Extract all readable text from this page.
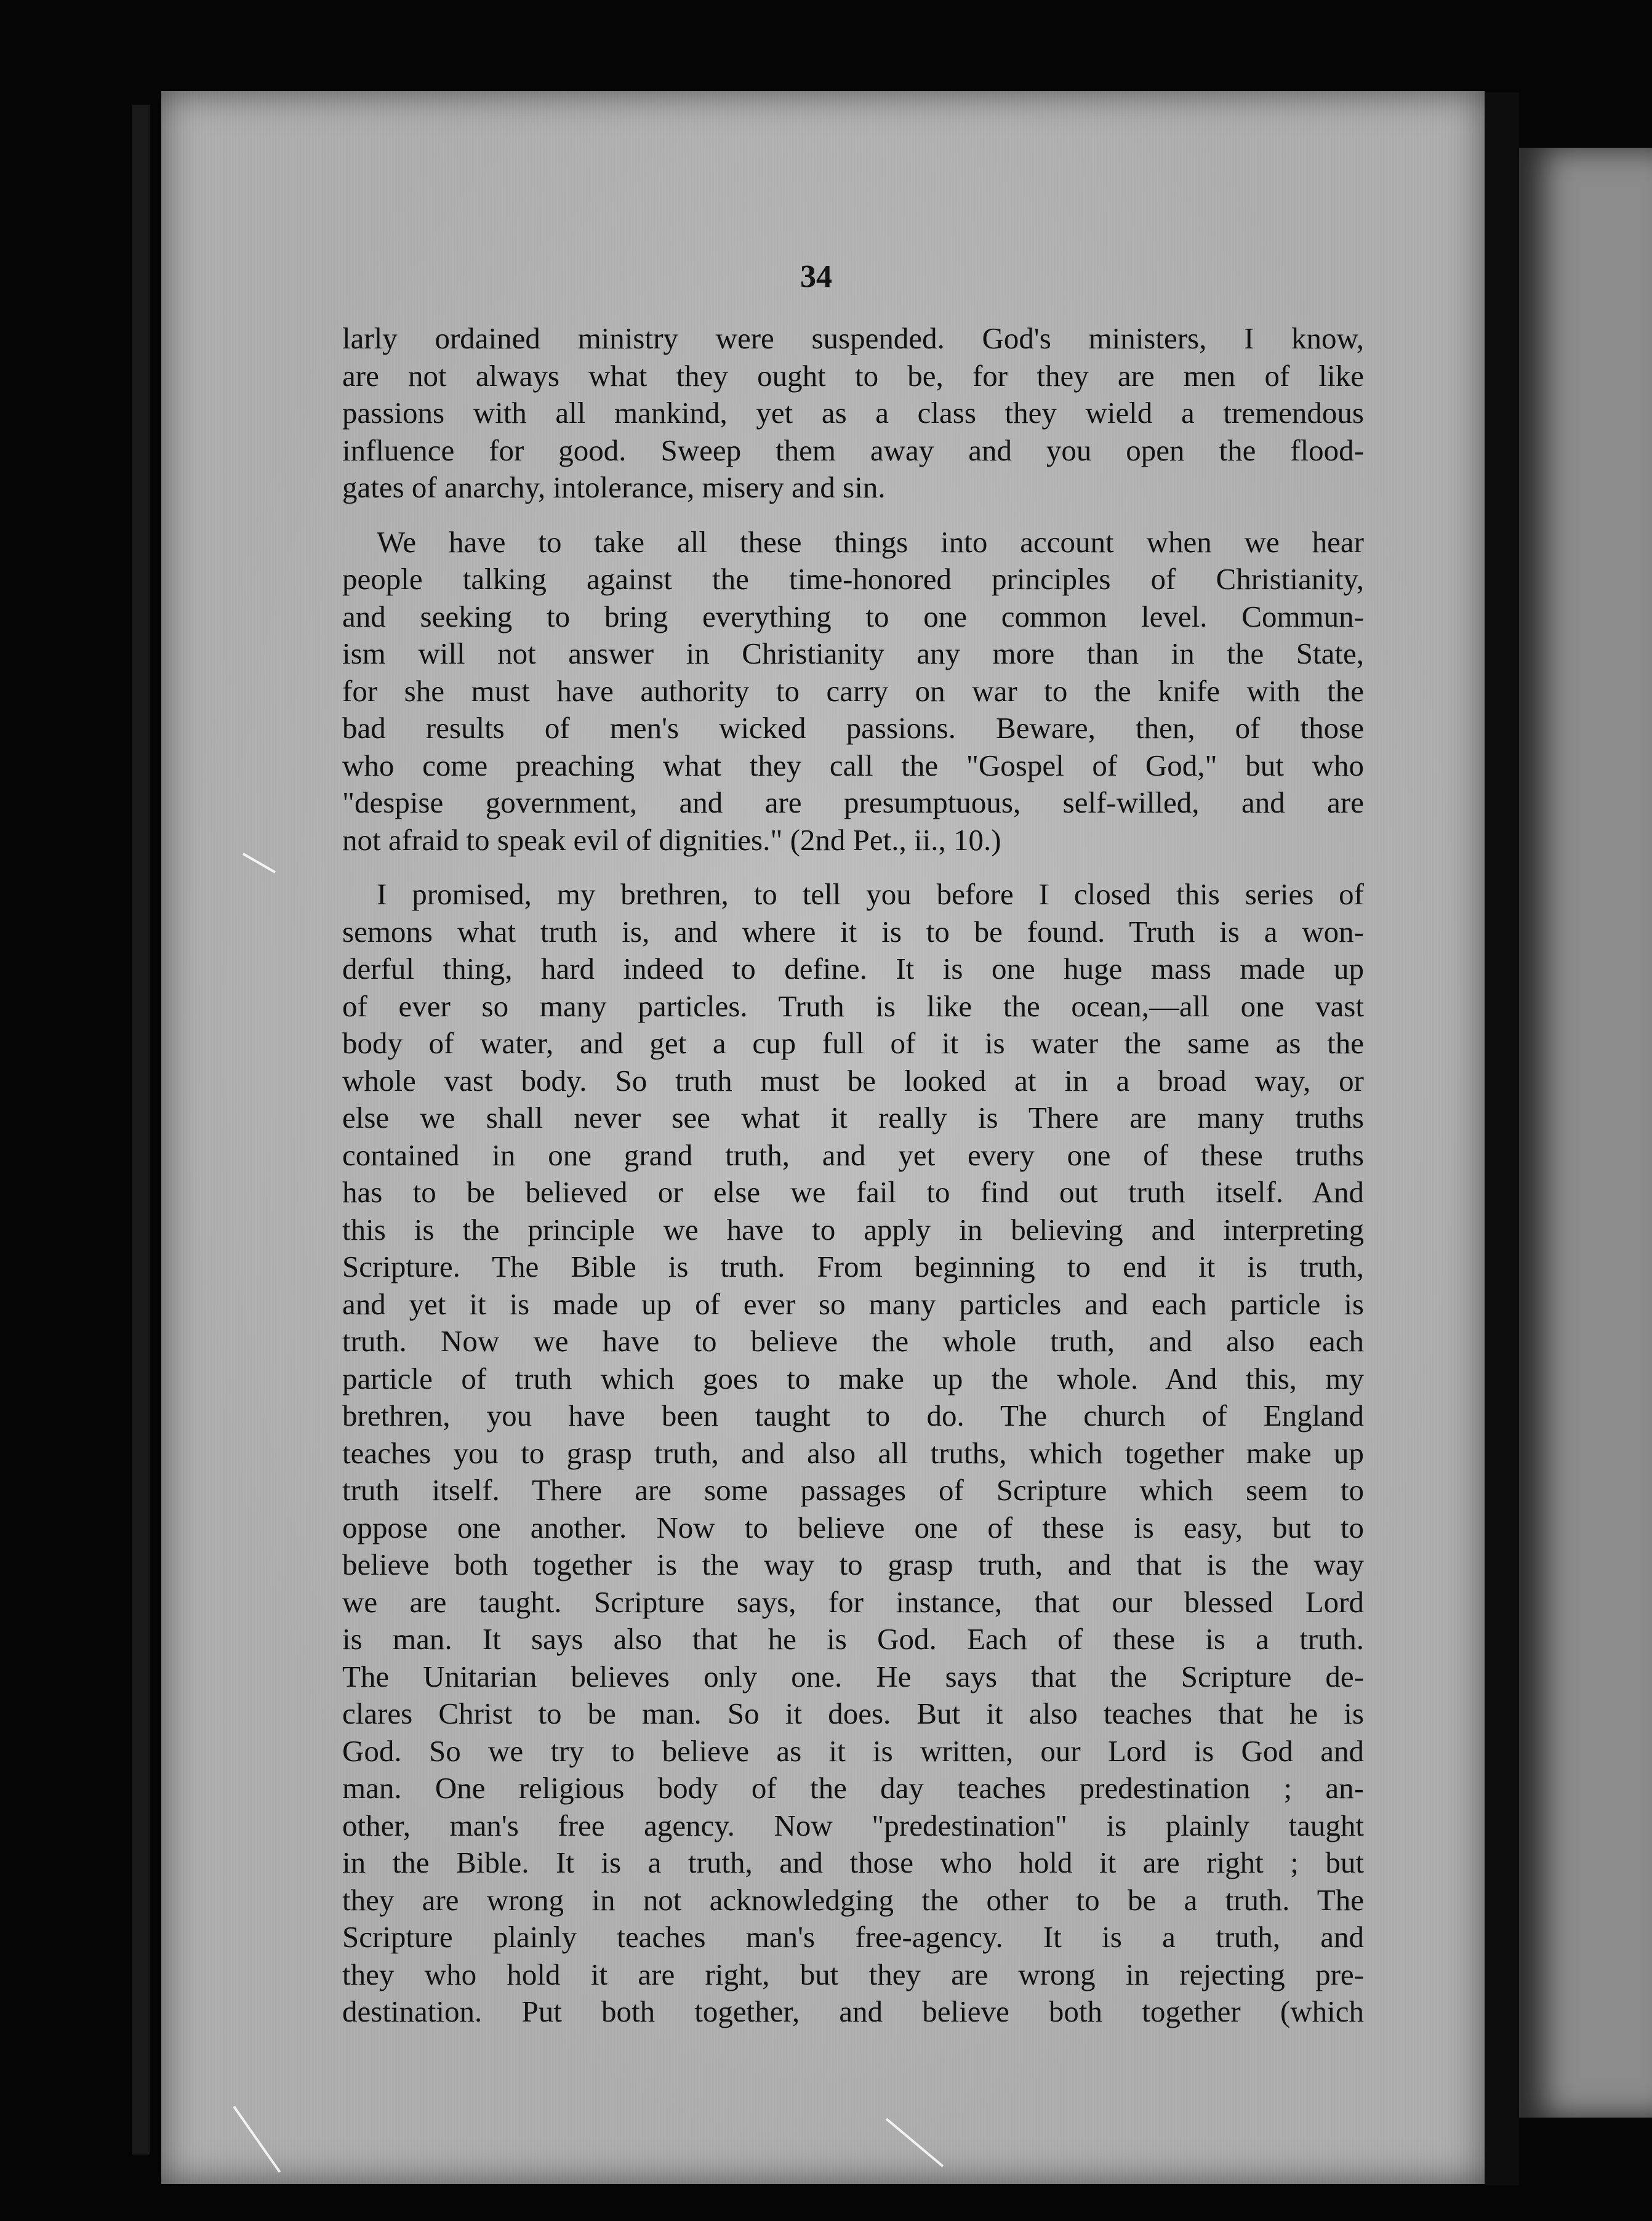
34
larly ordained ministry were suspended. God's ministers, I know,
are not always what they ought to be, for they are men of like
passions with all mankind, yet as a class they wield a tremendous
influence for good. Sweep them away and you open the flood-
gates of anarchy, intolerance, misery and sin.
We have to take all these things into account when we hear
people talking against the time-honored principles of Christianity,
and seeking to bring everything to one common level. Commun-
ism will not answer in Christianity any more than in the State,
for she must have authority to carry on war to the knife with the
bad results of men's wicked passions. Beware, then, of those
who come preaching what they call the "Gospel of God," but who
"despise government, and are presumptuous, self-willed, and are
not afraid to speak evil of dignities." (2nd Pet., ii., 10.)
I promised, my brethren, to tell you before I closed this series of
semons what truth is, and where it is to be found. Truth is a won-
derful thing, hard indeed to define. It is one huge mass made up
of ever so many particles. Truth is like the ocean,—all one vast
body of water, and get a cup full of it is water the same as the
whole vast body. So truth must be looked at in a broad way, or
else we shall never see what it really is There are many truths
contained in one grand truth, and yet every one of these truths
has to be believed or else we fail to find out truth itself. And
this is the principle we have to apply in believing and interpreting
Scripture. The Bible is truth. From beginning to end it is truth,
and yet it is made up of ever so many particles and each particle is
truth. Now we have to believe the whole truth, and also each
particle of truth which goes to make up the whole. And this, my
brethren, you have been taught to do. The church of England
teaches you to grasp truth, and also all truths, which together make up
truth itself. There are some passages of Scripture which seem to
oppose one another. Now to believe one of these is easy, but to
believe both together is the way to grasp truth, and that is the way
we are taught. Scripture says, for instance, that our blessed Lord
is man. It says also that he is God. Each of these is a truth.
The Unitarian believes only one. He says that the Scripture de-
clares Christ to be man. So it does. But it also teaches that he is
God. So we try to believe as it is written, our Lord is God and
man. One religious body of the day teaches predestination ; an-
other, man's free agency. Now "predestination" is plainly taught
in the Bible. It is a truth, and those who hold it are right ; but
they are wrong in not acknowledging the other to be a truth. The
Scripture plainly teaches man's free-agency. It is a truth, and
they who hold it are right, but they are wrong in rejecting pre-
destination. Put both together, and believe both together (which
